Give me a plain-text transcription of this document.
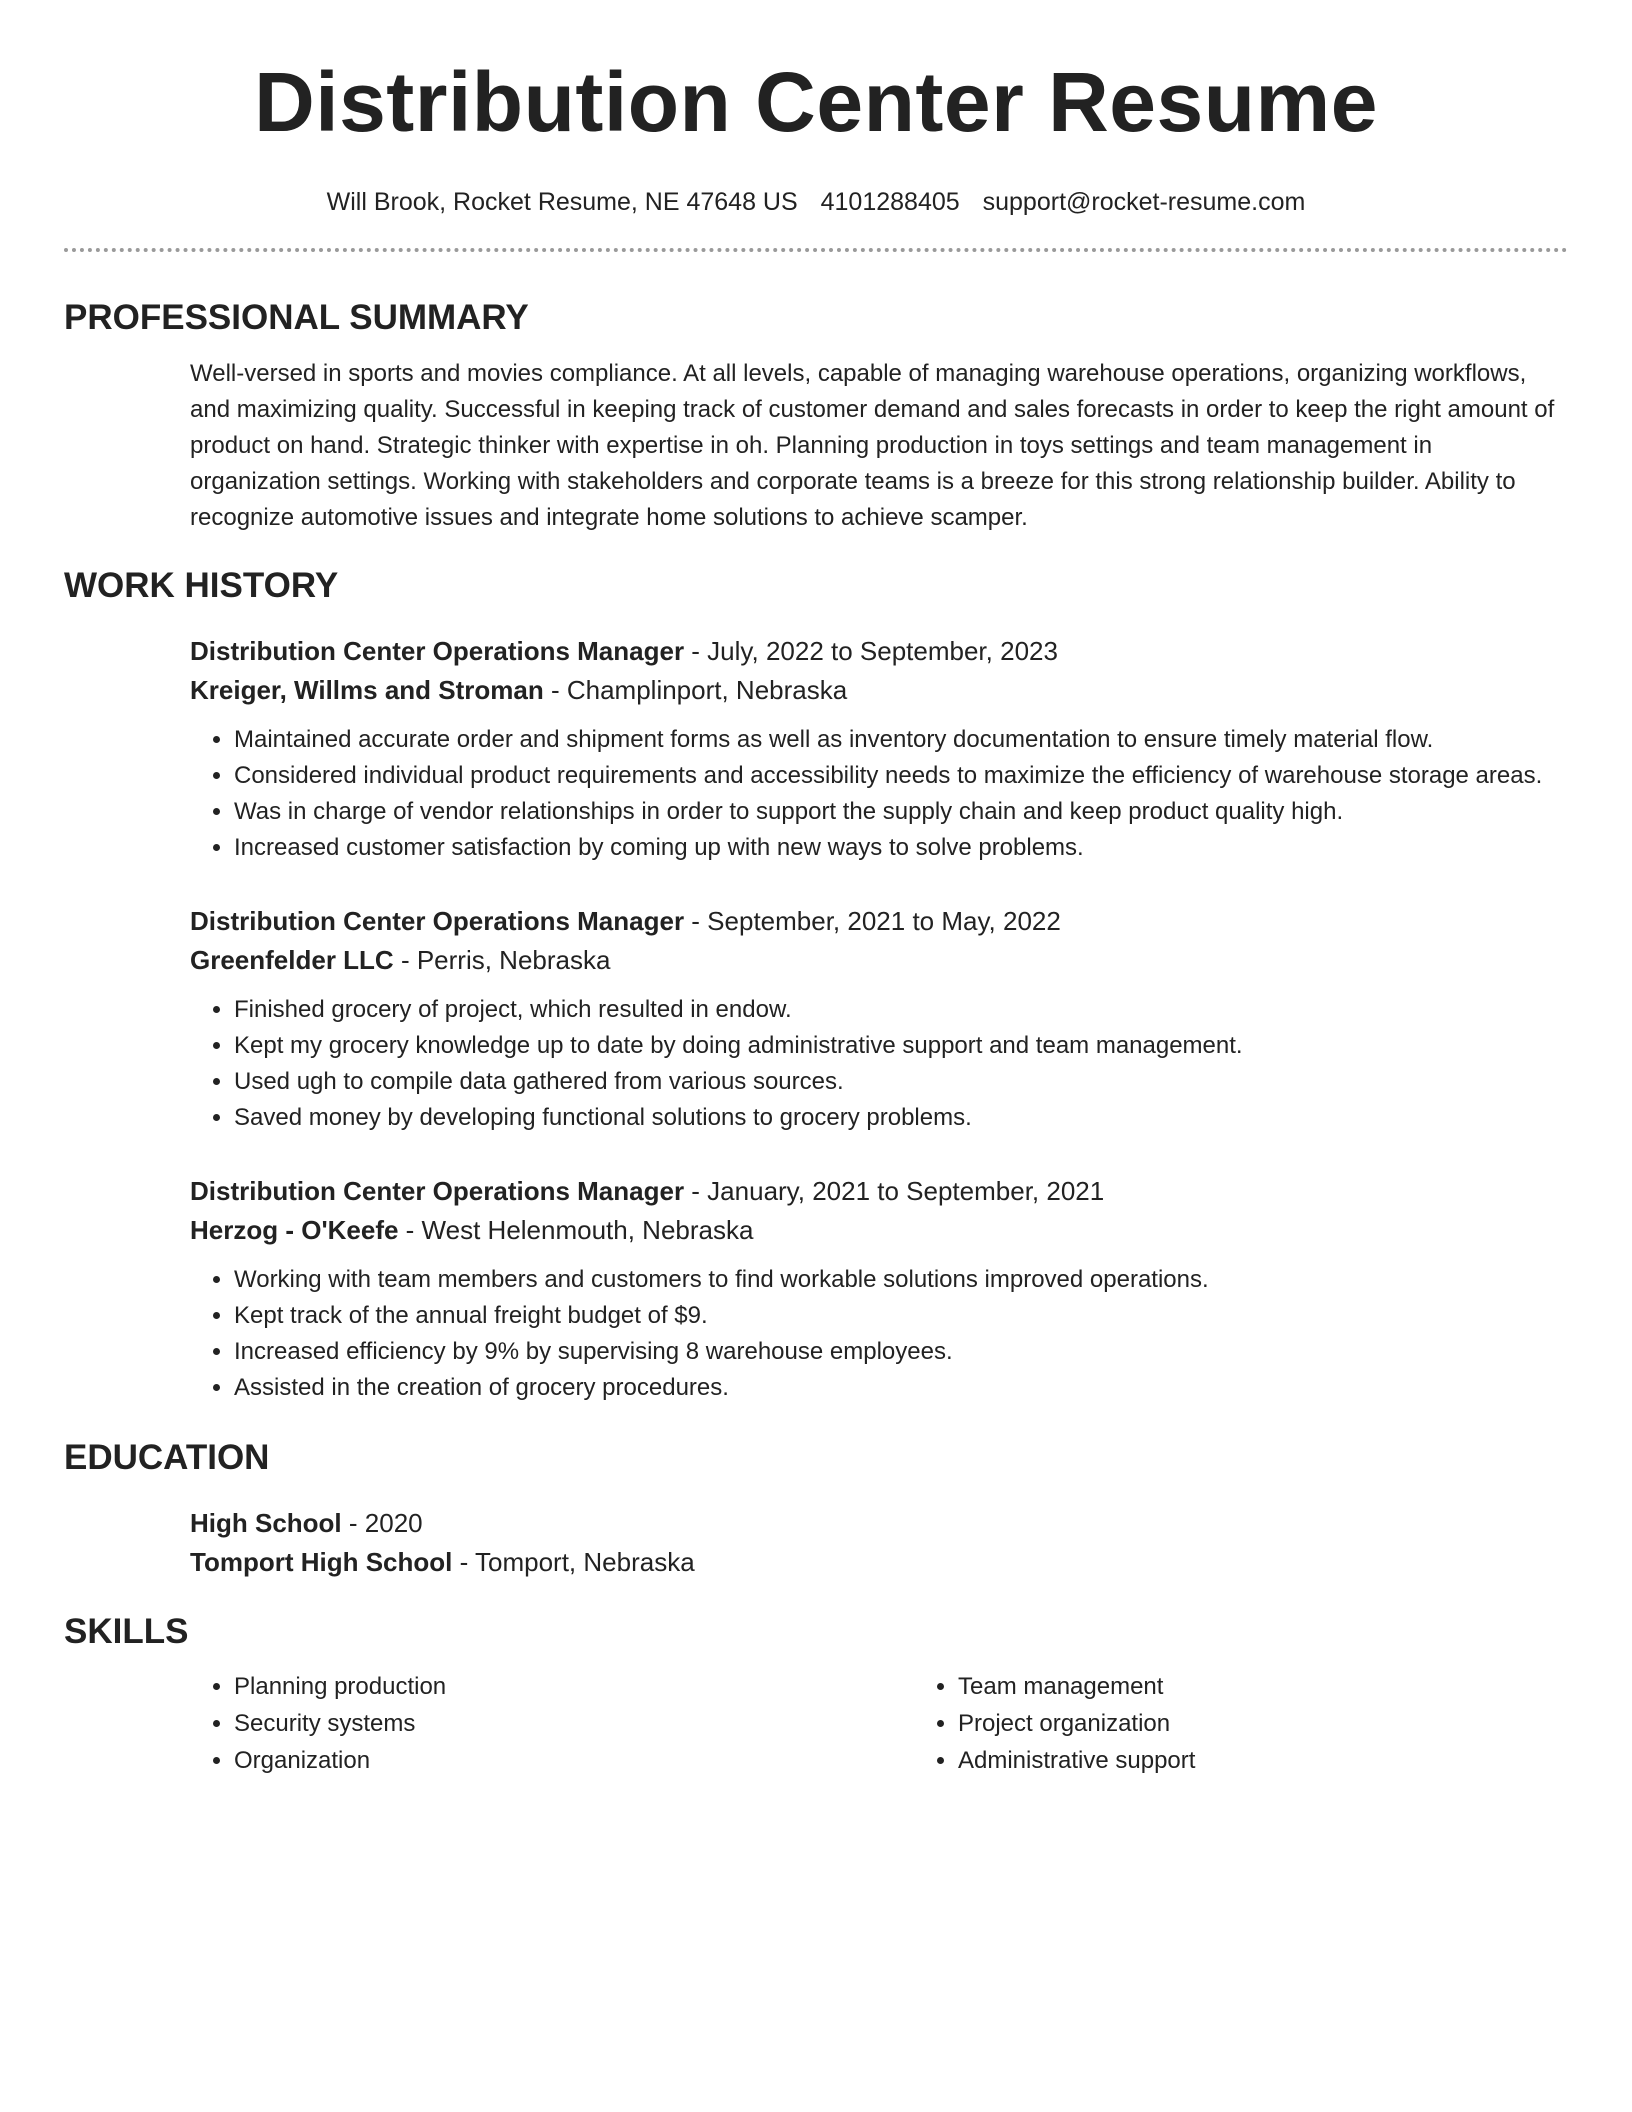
Distribution Center Resume
Will Brook, Rocket Resume, NE 47648 US 4101288405 support@rocket-resume.com
PROFESSIONAL SUMMARY
Well-versed in sports and movies compliance. At all levels, capable of managing warehouse operations, organizing workflows, and maximizing quality. Successful in keeping track of customer demand and sales forecasts in order to keep the right amount of product on hand. Strategic thinker with expertise in oh. Planning production in toys settings and team management in organization settings. Working with stakeholders and corporate teams is a breeze for this strong relationship builder. Ability to recognize automotive issues and integrate home solutions to achieve scamper.
WORK HISTORY
Distribution Center Operations Manager - July, 2022 to September, 2023
Kreiger, Willms and Stroman - Champlinport, Nebraska
• Maintained accurate order and shipment forms as well as inventory documentation to ensure timely material flow.
• Considered individual product requirements and accessibility needs to maximize the efficiency of warehouse storage areas.
• Was in charge of vendor relationships in order to support the supply chain and keep product quality high.
• Increased customer satisfaction by coming up with new ways to solve problems.
Distribution Center Operations Manager - September, 2021 to May, 2022
Greenfelder LLC - Perris, Nebraska
• Finished grocery of project, which resulted in endow.
• Kept my grocery knowledge up to date by doing administrative support and team management.
• Used ugh to compile data gathered from various sources.
• Saved money by developing functional solutions to grocery problems.
Distribution Center Operations Manager - January, 2021 to September, 2021
Herzog - O'Keefe - West Helenmouth, Nebraska
• Working with team members and customers to find workable solutions improved operations.
• Kept track of the annual freight budget of $9.
• Increased efficiency by 9% by supervising 8 warehouse employees.
• Assisted in the creation of grocery procedures.
EDUCATION
High School - 2020
Tomport High School - Tomport, Nebraska
SKILLS
• Planning production
• Security systems
• Organization
• Team management
• Project organization
• Administrative support
